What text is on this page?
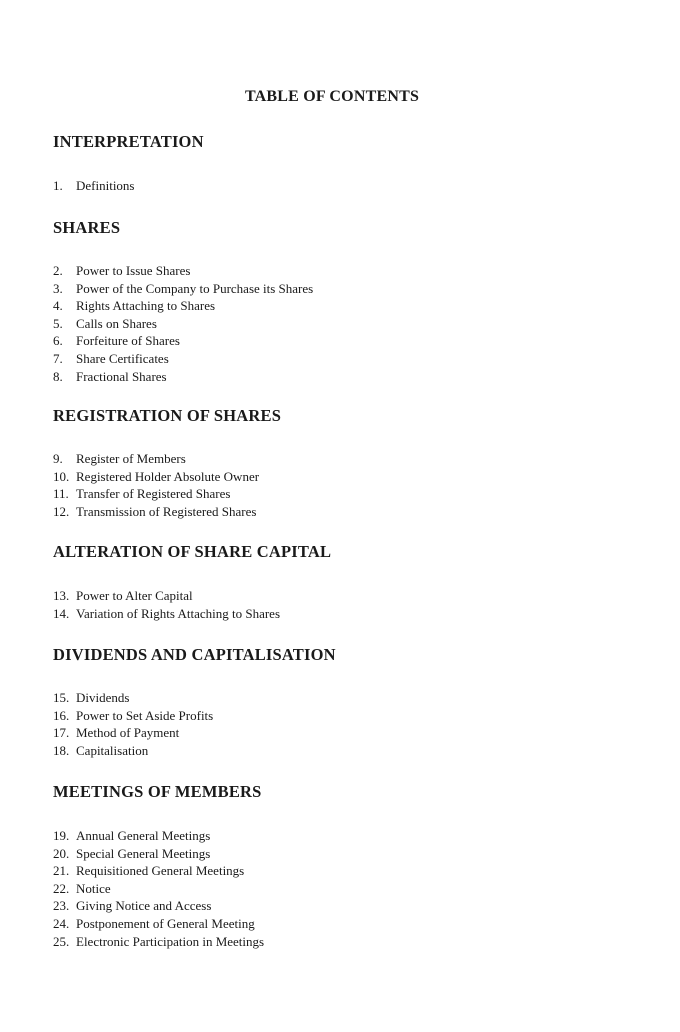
TABLE OF CONTENTS
INTERPRETATION
1. Definitions
SHARES
2. Power to Issue Shares
3. Power of the Company to Purchase its Shares
4. Rights Attaching to Shares
5. Calls on Shares
6. Forfeiture of Shares
7. Share Certificates
8. Fractional Shares
REGISTRATION OF SHARES
9. Register of Members
10. Registered Holder Absolute Owner
11. Transfer of Registered Shares
12. Transmission of Registered Shares
ALTERATION OF SHARE CAPITAL
13. Power to Alter Capital
14. Variation of Rights Attaching to Shares
DIVIDENDS AND CAPITALISATION
15. Dividends
16. Power to Set Aside Profits
17. Method of Payment
18. Capitalisation
MEETINGS OF MEMBERS
19. Annual General Meetings
20. Special General Meetings
21. Requisitioned General Meetings
22. Notice
23. Giving Notice and Access
24. Postponement of General Meeting
25. Electronic Participation in Meetings
